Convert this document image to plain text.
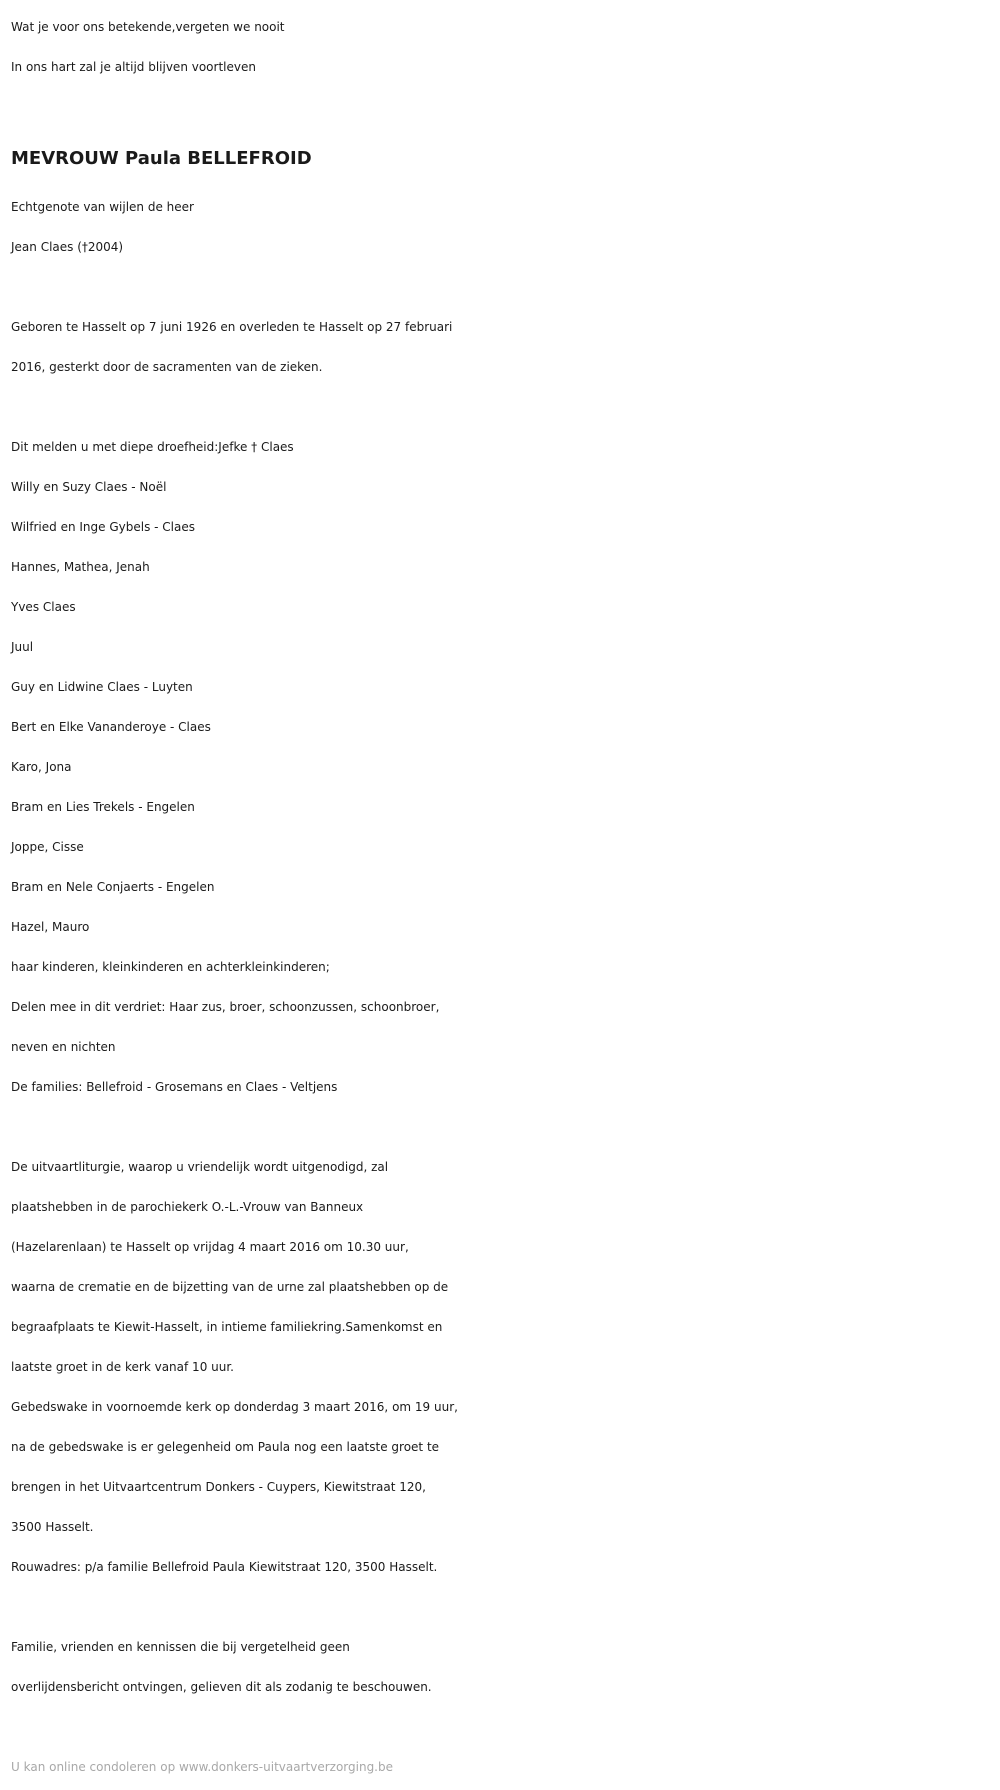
Wat je voor ons betekende,vergeten we nooit
In ons hart zal je altijd blijven voortleven
MEVROUW Paula BELLEFROID
Echtgenote van wijlen de heer
Jean Claes (†2004)
Geboren te Hasselt op 7 juni 1926 en overleden te Hasselt op 27 februari
2016, gesterkt door de sacramenten van de zieken.
Dit melden u met diepe droefheid:Jefke † Claes
Willy en Suzy Claes - Noël
Wilfried en Inge Gybels - Claes
Hannes, Mathea, Jenah
Yves Claes
Juul
Guy en Lidwine Claes - Luyten
Bert en Elke Vananderoye - Claes
Karo, Jona
Bram en Lies Trekels - Engelen
Joppe, Cisse
Bram en Nele Conjaerts - Engelen
Hazel, Mauro
haar kinderen, kleinkinderen en achterkleinkinderen;
Delen mee in dit verdriet: Haar zus, broer, schoonzussen, schoonbroer,
neven en nichten
De families: Bellefroid - Grosemans en Claes - Veltjens
De uitvaartliturgie, waarop u vriendelijk wordt uitgenodigd, zal
plaatshebben in de parochiekerk O.-L.-Vrouw van Banneux
(Hazelarenlaan) te Hasselt op vrijdag 4 maart 2016 om 10.30 uur,
waarna de crematie en de bijzetting van de urne zal plaatshebben op de
begraafplaats te Kiewit-Hasselt, in intieme familiekring.Samenkomst en
laatste groet in de kerk vanaf 10 uur.
Gebedswake in voornoemde kerk op donderdag 3 maart 2016, om 19 uur,
na de gebedswake is er gelegenheid om Paula nog een laatste groet te
brengen in het Uitvaartcentrum Donkers - Cuypers, Kiewitstraat 120,
3500 Hasselt.
Rouwadres: p/a familie Bellefroid Paula Kiewitstraat 120, 3500 Hasselt.
Familie, vrienden en kennissen die bij vergetelheid geen
overlijdensbericht ontvingen, gelieven dit als zodanig te beschouwen.
U kan online condoleren op www.donkers-uitvaartverzorging.be
